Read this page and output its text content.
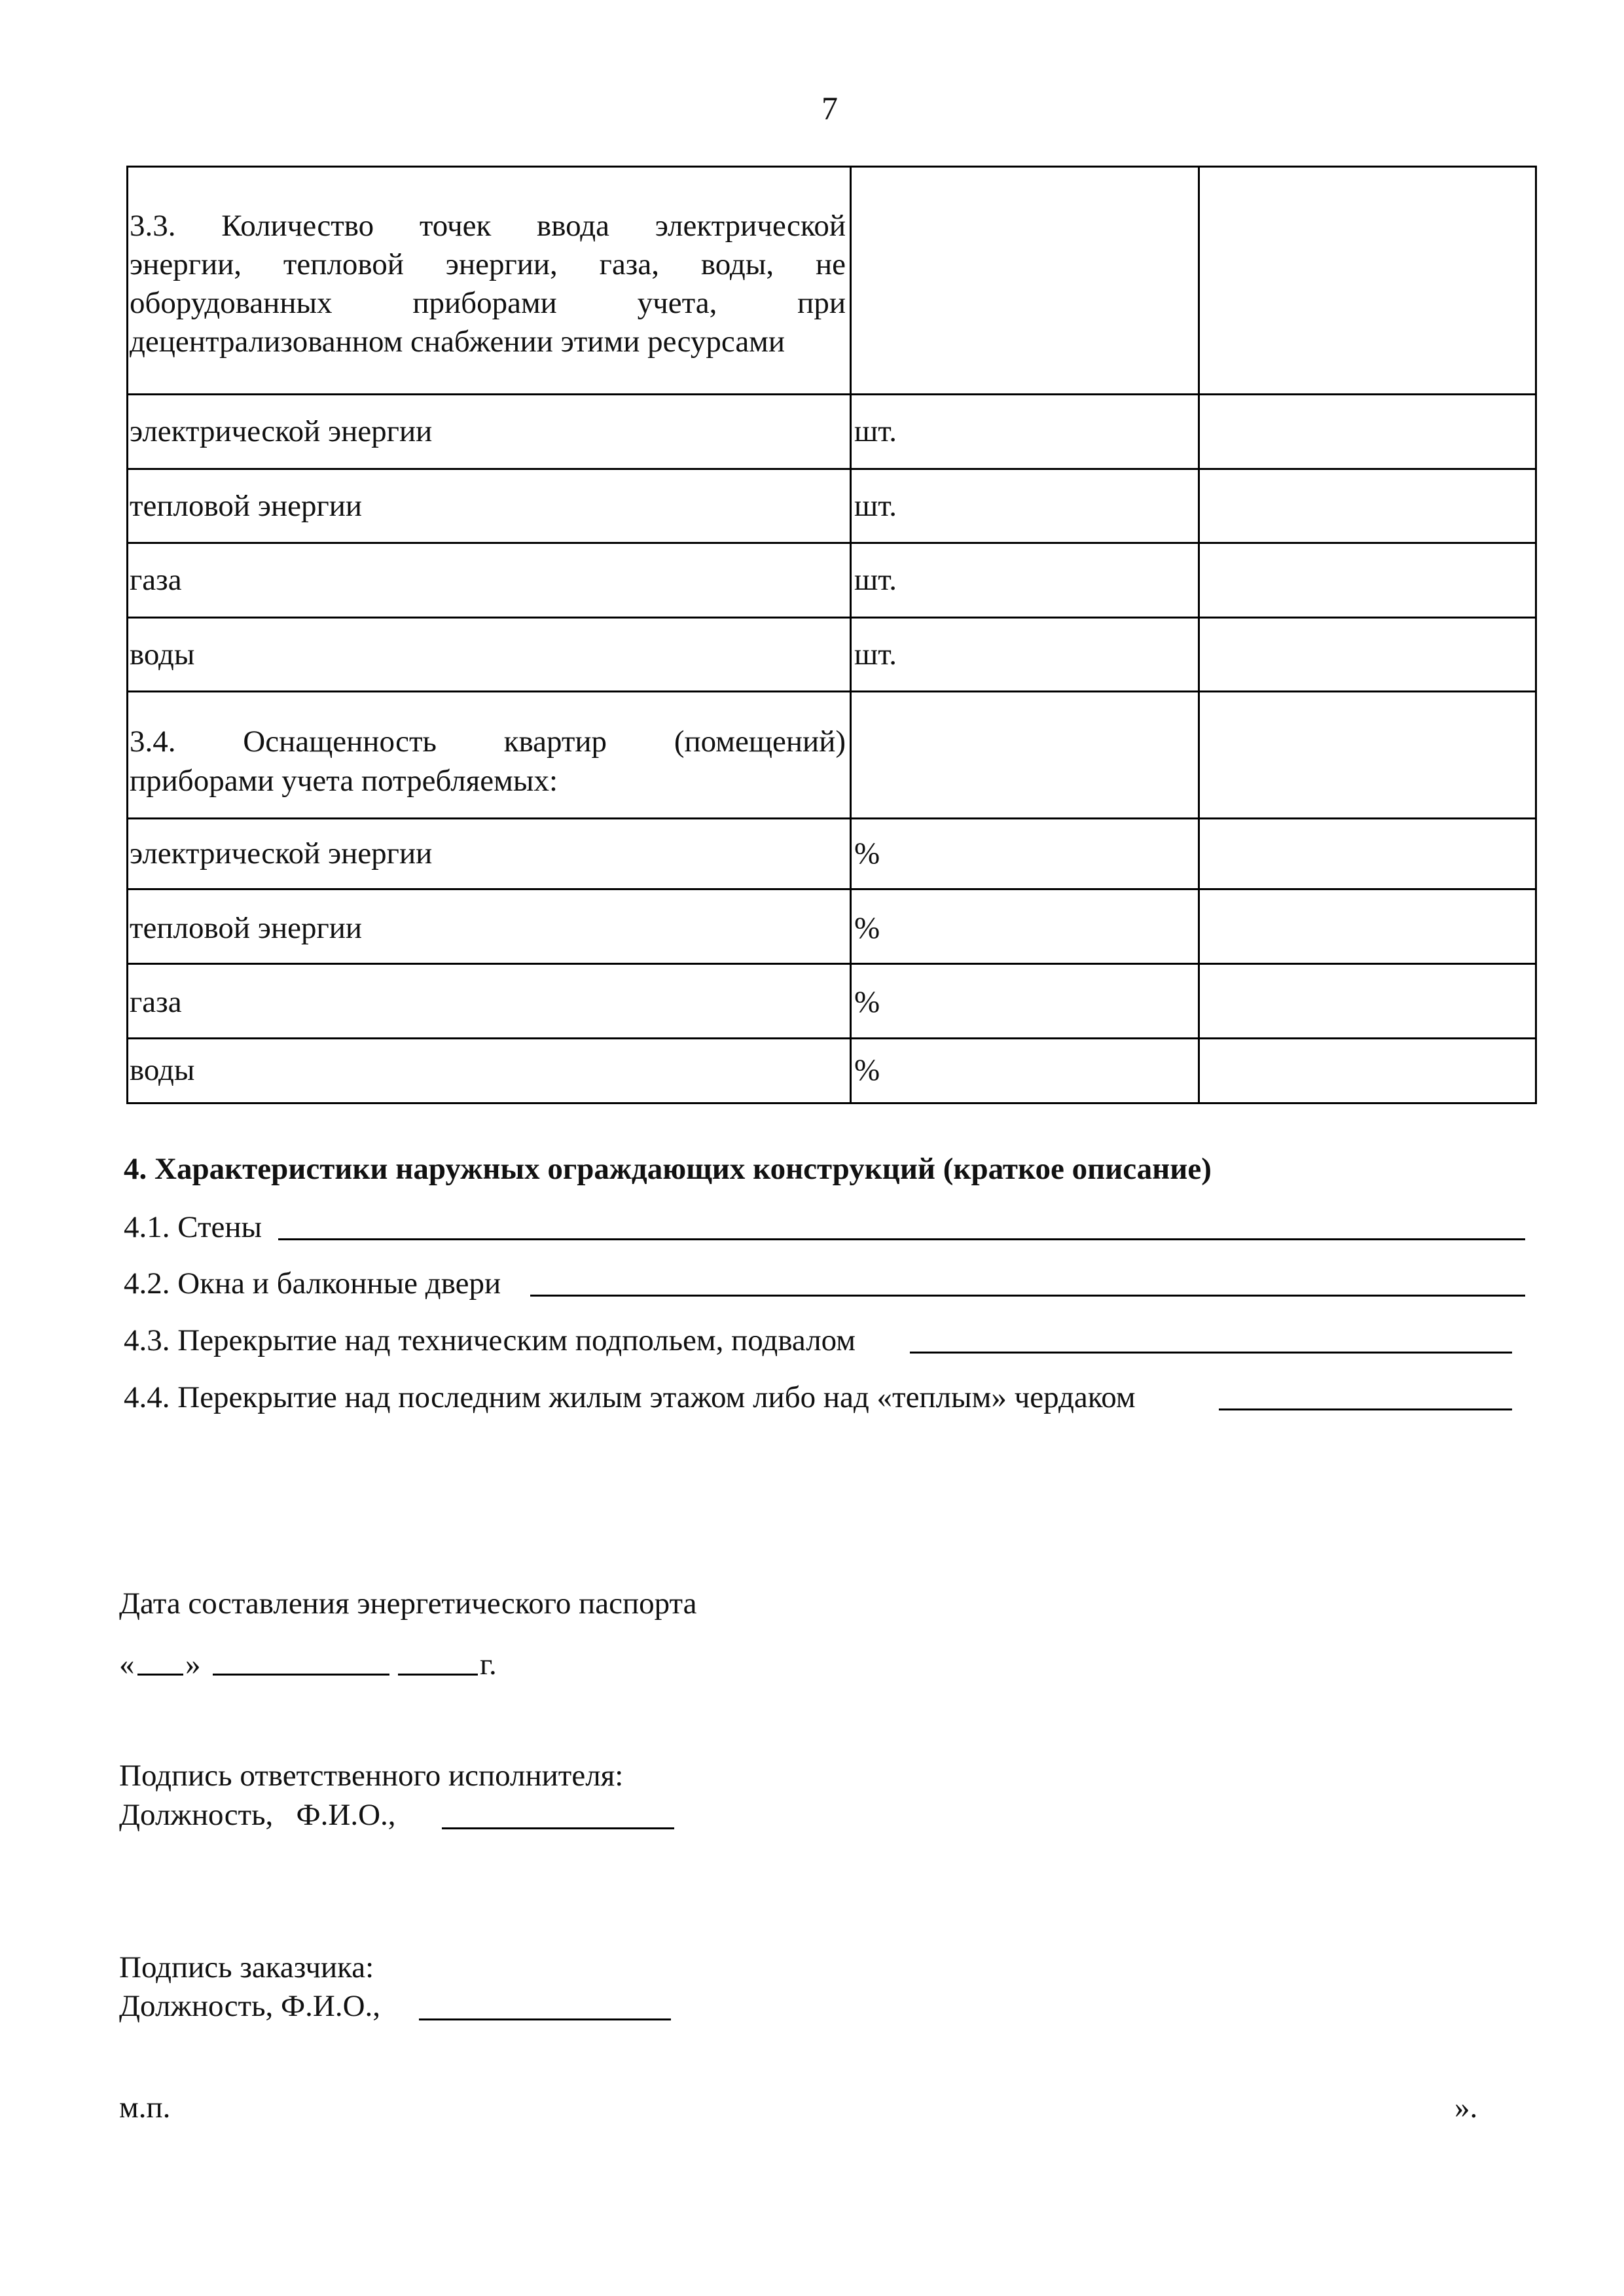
7
3.3. Количество точек ввода электрической
энергии, тепловой энергии, газа, воды, не
оборудованных	приборами	учета,	при
децентрализованном снабжении этими ресурсами
электрической энергии	шт.
тепловой энергии	шт.
газа	шт.
воды	шт.
3.4. Оснащенность квартир (помещений)
приборами учета потребляемых:
электрической энергии	%
тепловой энергии	%
газа	%
воды	%
4. Характеристики наружных ограждающих конструкций (краткое описание)
4.1. Стены
4.2. Окна и балконные двери
4.3. Перекрытие над техническим подпольем, подвалом
4.4. Перекрытие над последним жилым этажом либо над «теплым» чердаком
Дата составления энергетического паспорта
« »	г.
Подпись ответственного исполнителя:
Должность,   Ф.И.О.,
Подпись заказчика:
Должность, Ф.И.О.,
м.п.	».
